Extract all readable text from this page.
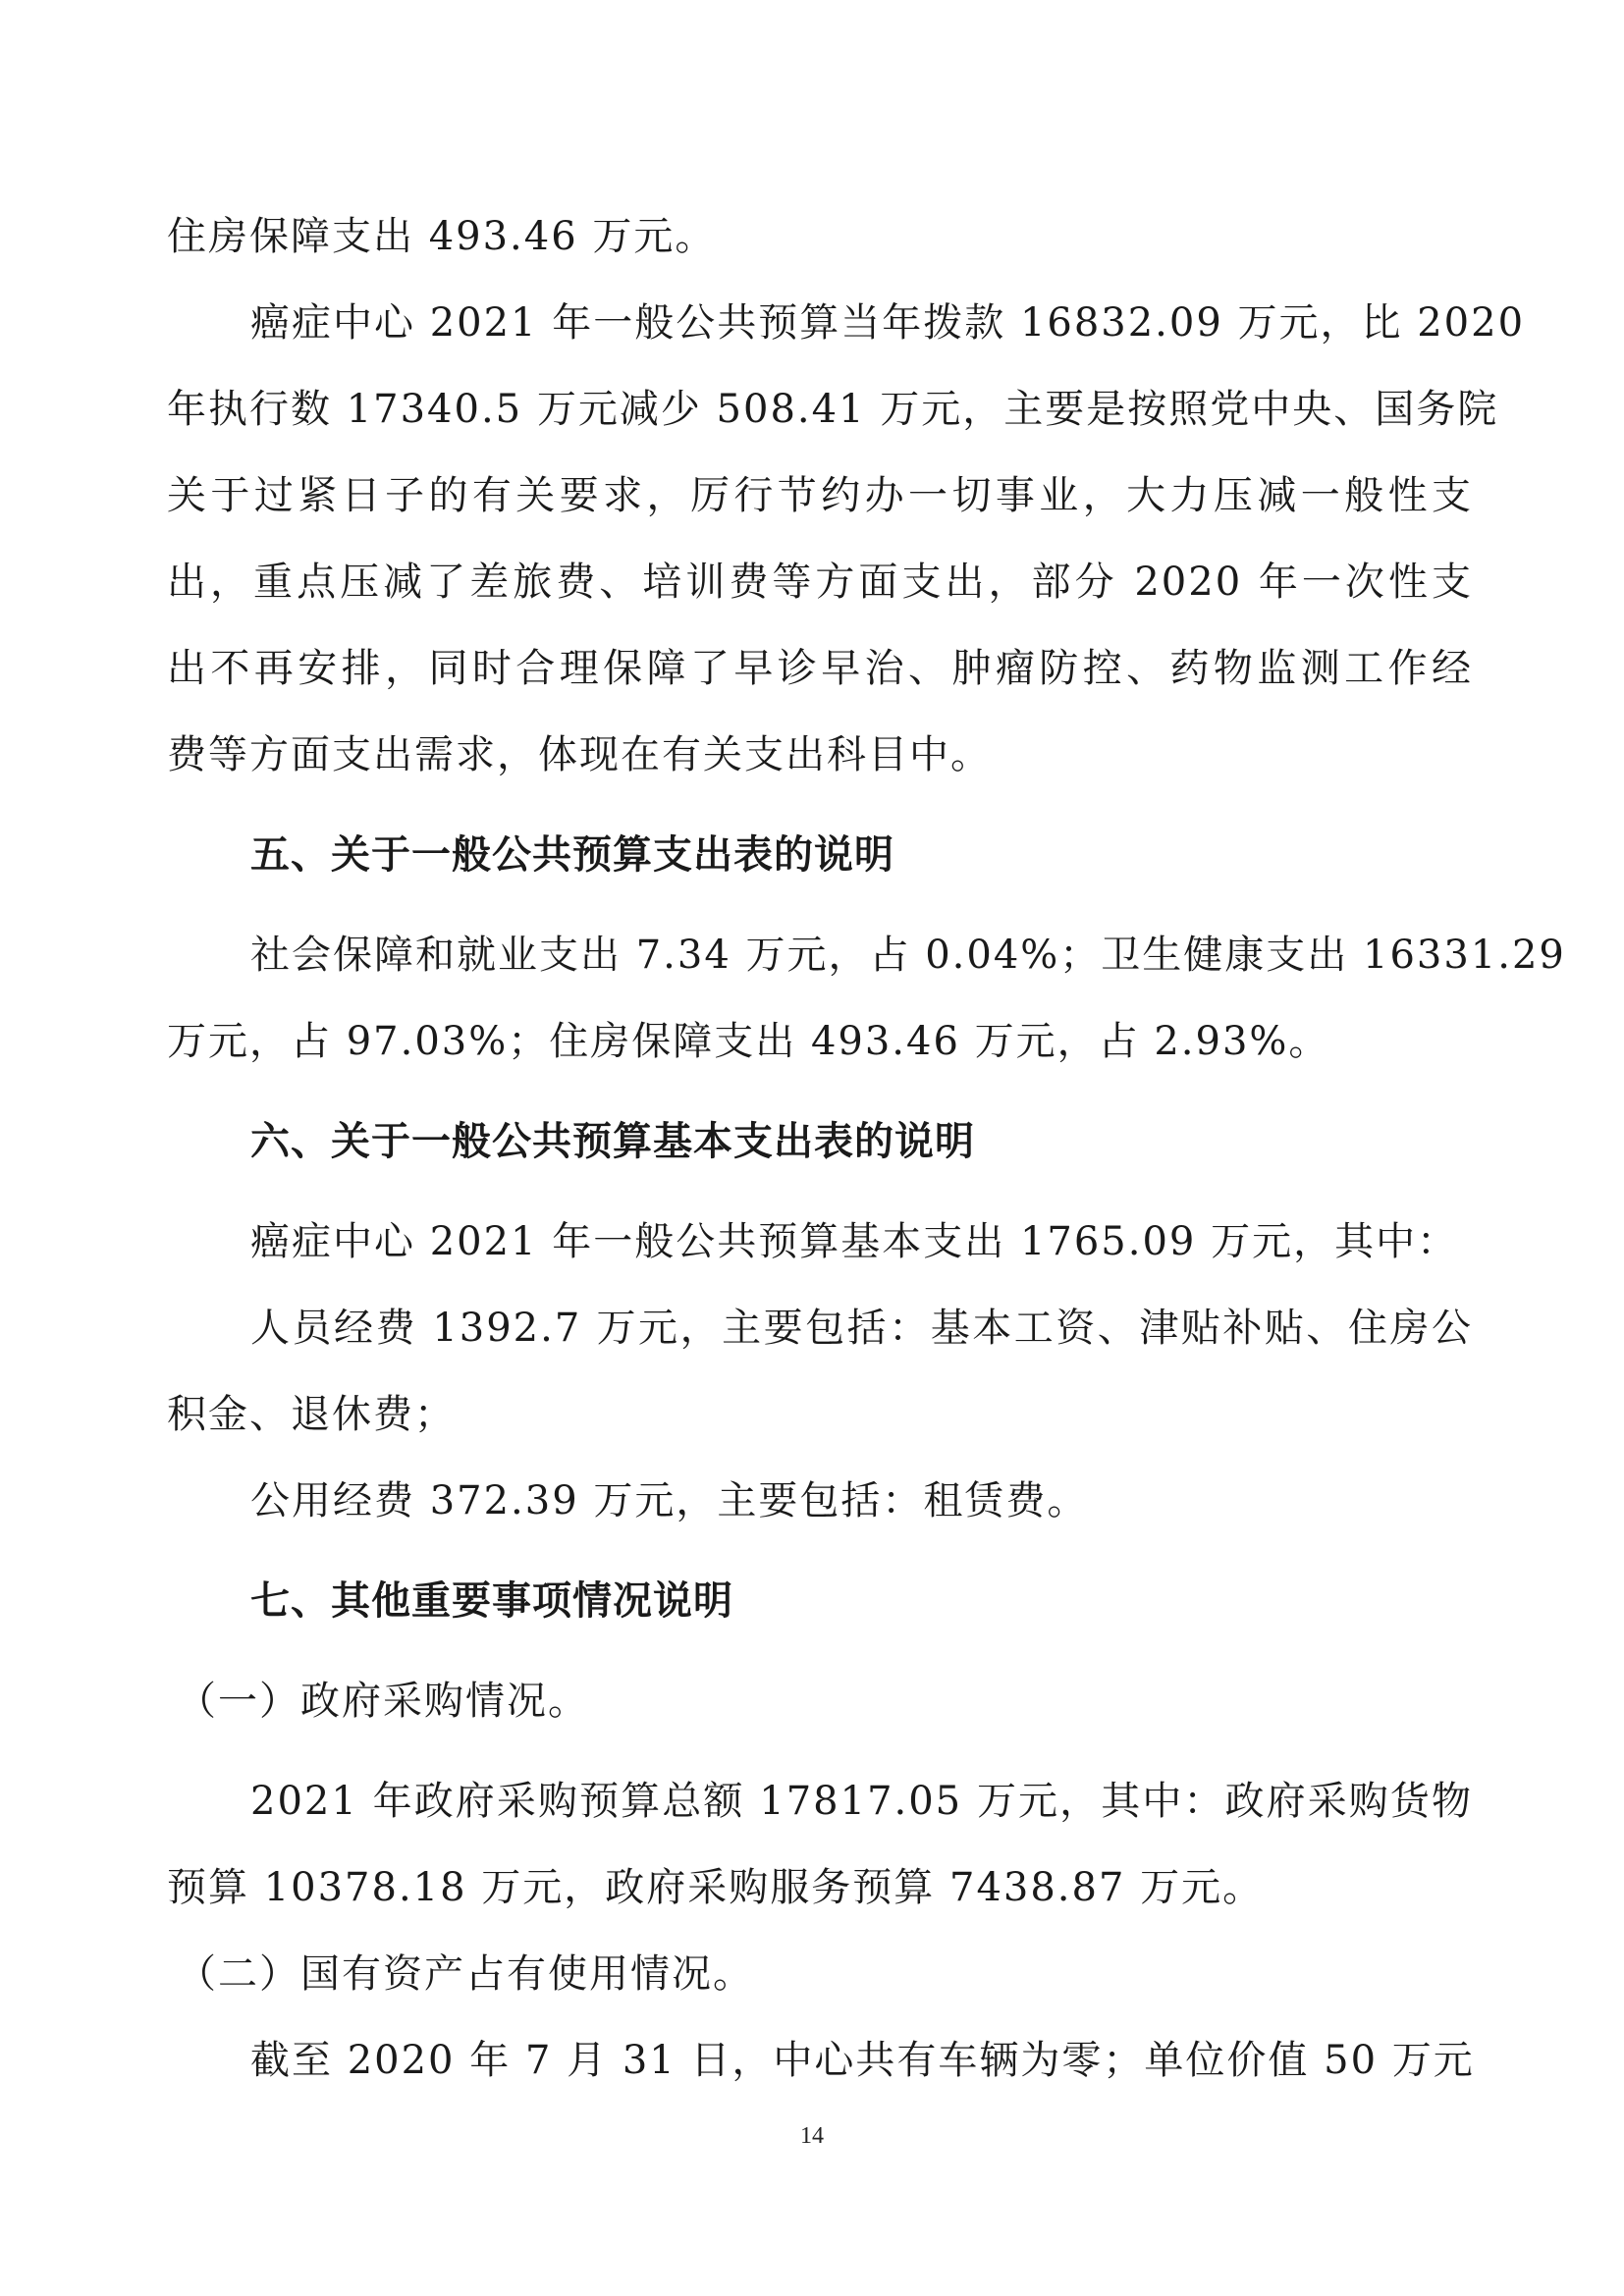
住房保障支出 493.46 万元。
癌症中心 2021 年一般公共预算当年拨款 16832.09 万元，比 2020
年执行数 17340.5 万元减少 508.41 万元，主要是按照党中央、国务院
关于过紧日子的有关要求，厉行节约办一切事业，大力压减一般性支
出，重点压减了差旅费、培训费等方面支出，部分 2020 年一次性支
出不再安排，同时合理保障了早诊早治、肿瘤防控、药物监测工作经
费等方面支出需求，体现在有关支出科目中。
五、关于一般公共预算支出表的说明
社会保障和就业支出 7.34 万元，占 0.04%；卫生健康支出 16331.29
万元，占 97.03%；住房保障支出 493.46 万元，占 2.93%。
六、关于一般公共预算基本支出表的说明
癌症中心 2021 年一般公共预算基本支出 1765.09 万元，其中：
人员经费 1392.7 万元，主要包括：基本工资、津贴补贴、住房公
积金、退休费；
公用经费 372.39 万元，主要包括：租赁费。
七、其他重要事项情况说明
（一）政府采购情况。
2021 年政府采购预算总额 17817.05 万元，其中：政府采购货物
预算 10378.18 万元，政府采购服务预算 7438.87 万元。
（二）国有资产占有使用情况。
截至 2020 年 7 月 31 日，中心共有车辆为零；单位价值 50 万元
14
